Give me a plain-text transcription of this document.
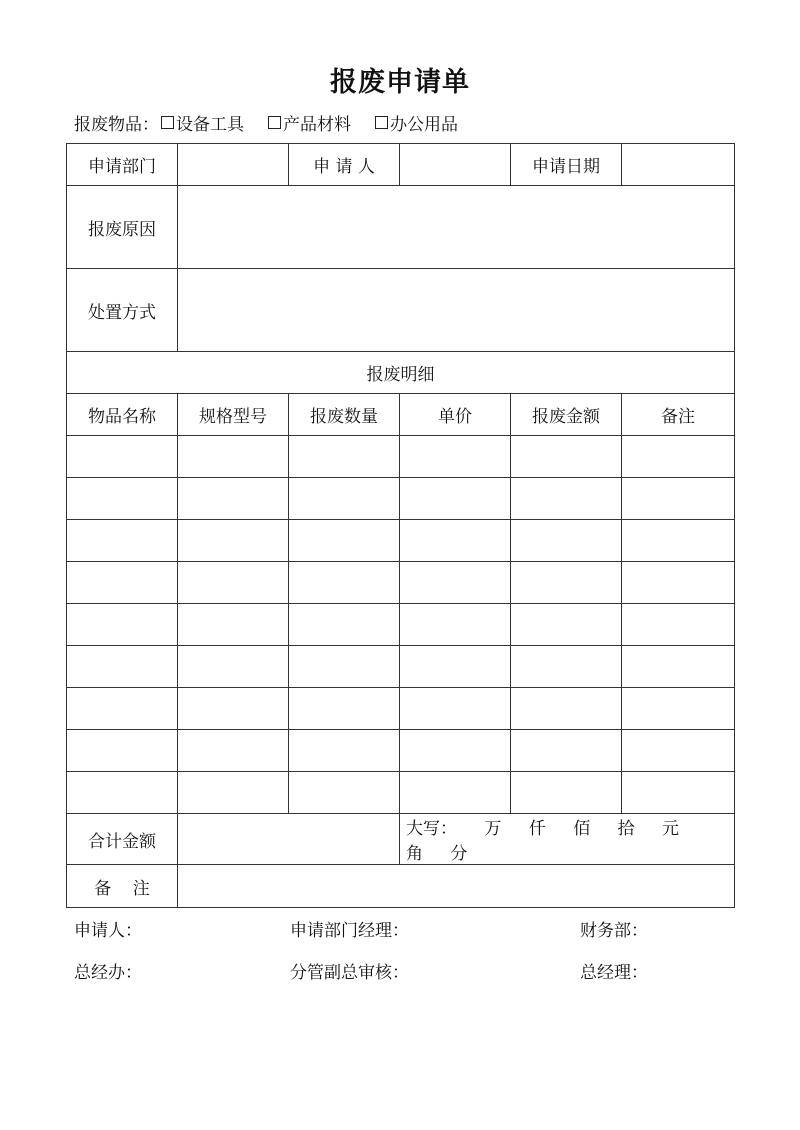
报废申请单
报废物品： 设备工具 产品材料 办公用品
申请部门		申 请 人		申请日期	
报废原因					
处置方式					
报废明细					
物品名称	规格型号	报废数量	单价	报废金额	备注

合计金额			大写： 万 仟 佰 拾 元 角 分		
备    注					
申请人：	申请部门经理：	财务部：
总经办：	分管副总审核：	总经理：
